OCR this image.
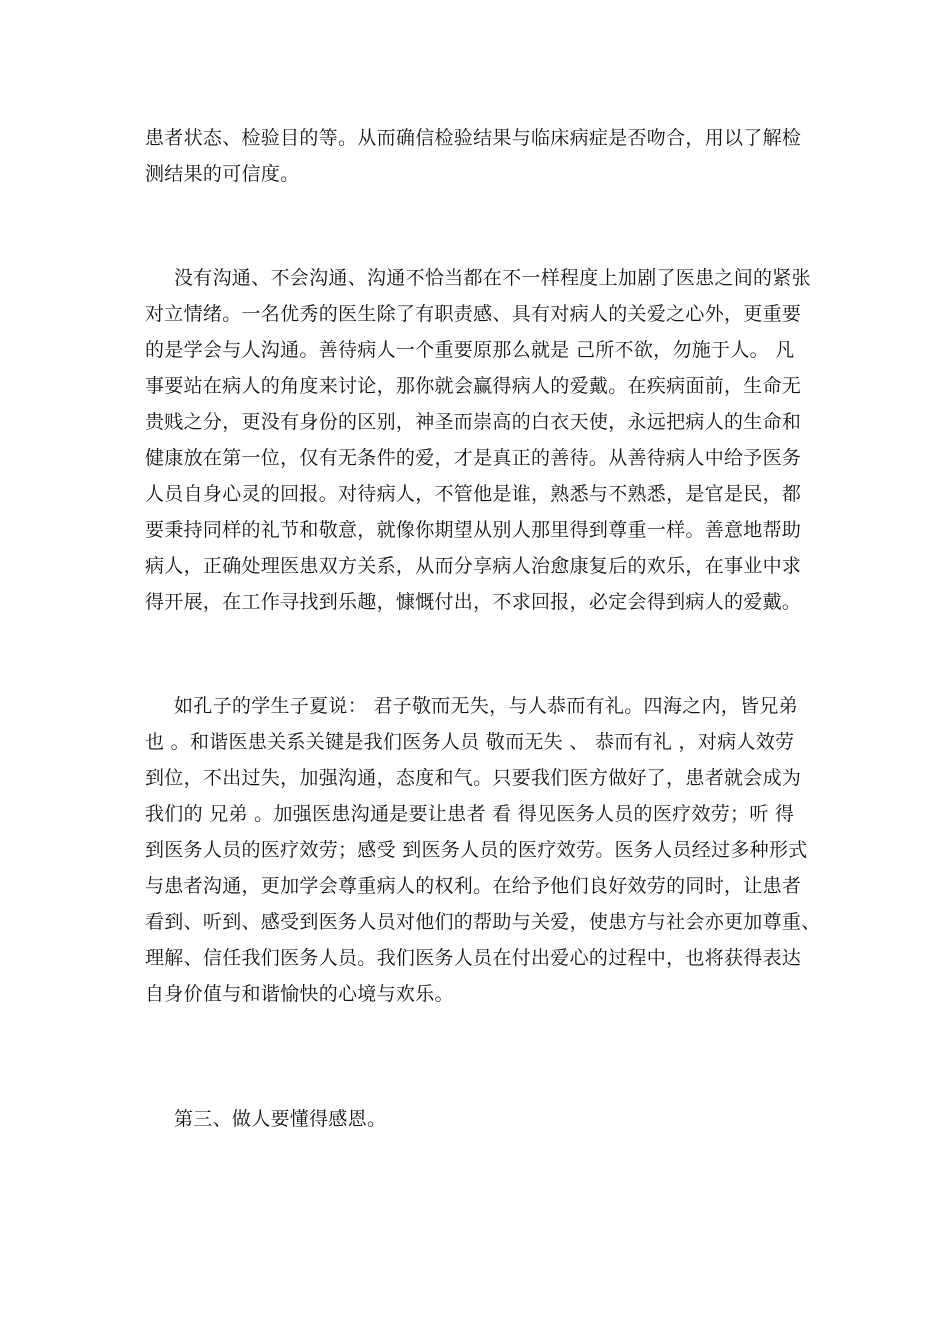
患者状态、检验目的等。从而确信检验结果与临床病症是否吻合，用以了解检
测结果的可信度。
没有沟通、不会沟通、沟通不恰当都在不一样程度上加剧了医患之间的紧张
对立情绪。一名优秀的医生除了有职责感、具有对病人的关爱之心外，更重要
的是学会与人沟通。善待病人一个重要原那么就是 己所不欲，勿施于人。 凡
事要站在病人的角度来讨论，那你就会赢得病人的爱戴。在疾病面前，生命无
贵贱之分，更没有身份的区别，神圣而崇高的白衣天使，永远把病人的生命和
健康放在第一位，仅有无条件的爱，才是真正的善待。从善待病人中给予医务
人员自身心灵的回报。对待病人，不管他是谁，熟悉与不熟悉，是官是民，都
要秉持同样的礼节和敬意，就像你期望从别人那里得到尊重一样。善意地帮助
病人，正确处理医患双方关系，从而分享病人治愈康复后的欢乐，在事业中求
得开展，在工作寻找到乐趣，慷慨付出，不求回报，必定会得到病人的爱戴。
如孔子的学生子夏说： 君子敬而无失，与人恭而有礼。四海之内，皆兄弟
也 。和谐医患关系关键是我们医务人员 敬而无失 、 恭而有礼 ，对病人效劳
到位，不出过失，加强沟通，态度和气。只要我们医方做好了，患者就会成为
我们的 兄弟 。加强医患沟通是要让患者 看 得见医务人员的医疗效劳；听 得
到医务人员的医疗效劳；感受 到医务人员的医疗效劳。医务人员经过多种形式
与患者沟通，更加学会尊重病人的权利。在给予他们良好效劳的同时，让患者
看到、听到、感受到医务人员对他们的帮助与关爱，使患方与社会亦更加尊重、
理解、信任我们医务人员。我们医务人员在付出爱心的过程中，也将获得表达
自身价值与和谐愉快的心境与欢乐。
第三、做人要懂得感恩。
